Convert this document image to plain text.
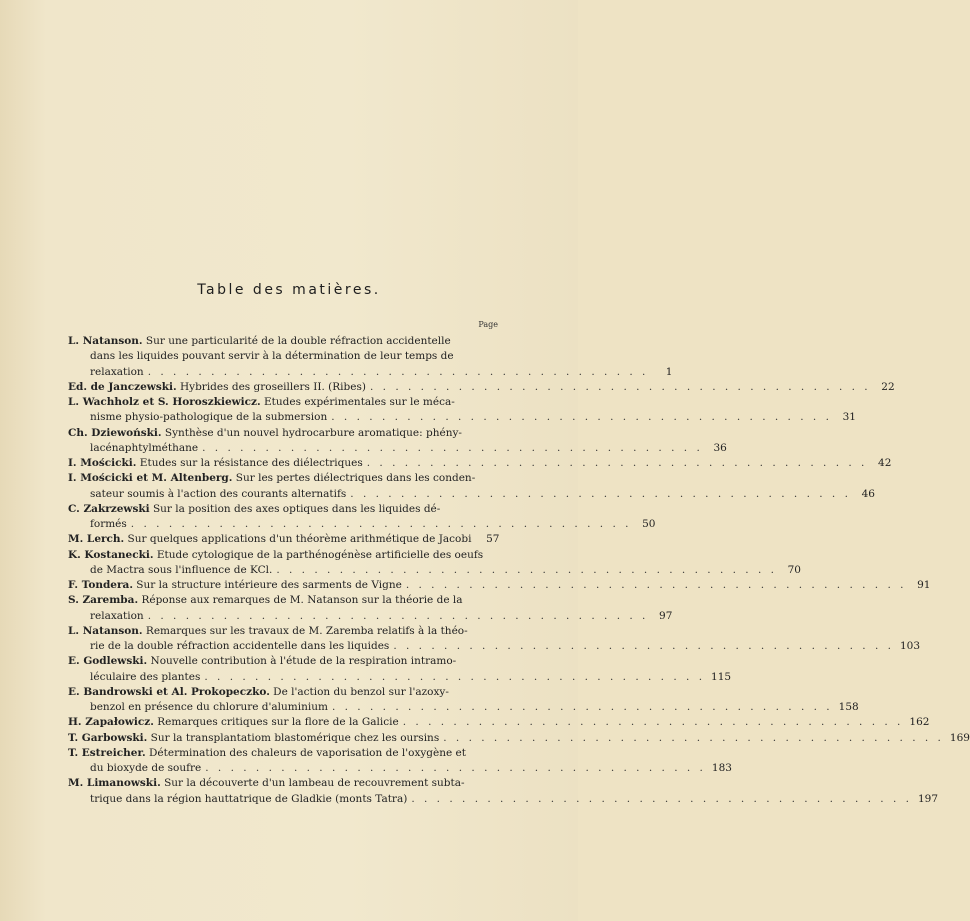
Table des matières.
Page
L. Natanson. Sur une particularité de la double réfraction accidentelle
dans les liquides pouvant servir à la détermination de leur temps de
relaxation . . . . . . . . . . . . . . . . . . . . . . . . . . . . . . . . . . . . . . . .	1
Ed. de Janczewski. Hybrides des groseillers II. (Ribes) . . . . . . . . . . . . . . . . . . . . . . . . . . . . . . . . . . . . . . . .	22
L. Wachholz et S. Horoszkiewicz. Etudes expérimentales sur le méca-
nisme physio-pathologique de la submersion . . . . . . . . . . . . . . . . . . . . . . . . . . . . . . . . . . . . . . . .	31
Ch. Dziewoński. Synthèse d'un nouvel hydrocarbure aromatique: phény-
lacénaphtylméthane . . . . . . . . . . . . . . . . . . . . . . . . . . . . . . . . . . . . . . . .	36
I. Mościcki. Etudes sur la résistance des diélectriques . . . . . . . . . . . . . . . . . . . . . . . . . . . . . . . . . . . . . . . .	42
I. Mościcki et M. Altenberg. Sur les pertes diélectriques dans les conden-
sateur soumis à l'action des courants alternatifs . . . . . . . . . . . . . . . . . . . . . . . . . . . . . . . . . . . . . . . .	46
C. Zakrzewski Sur la position des axes optiques dans les liquides dé-
formés . . . . . . . . . . . . . . . . . . . . . . . . . . . . . . . . . . . . . . . .	50
M. Lerch. Sur quelques applications d'un théorème arithmétique de Jacobi	57
K. Kostanecki. Etude cytologique de la parthénogénèse artificielle des oeufs
de Mactra sous l'influence de KCl. . . . . . . . . . . . . . . . . . . . . . . . . . . . . . . . . . . . . . . . .	70
F. Tondera. Sur la structure intérieure des sarments de Vigne . . . . . . . . . . . . . . . . . . . . . . . . . . . . . . . . . . . . . . . .	91
S. Zaremba. Réponse aux remarques de M. Natanson sur la théorie de la
relaxation . . . . . . . . . . . . . . . . . . . . . . . . . . . . . . . . . . . . . . . .	97
L. Natanson. Remarques sur les travaux de M. Zaremba relatifs à la théo-
rie de la double réfraction accidentelle dans les liquides . . . . . . . . . . . . . . . . . . . . . . . . . . . . . . . . . . . . . . . . 103
E. Godlewski. Nouvelle contribution à l'étude de la respiration intramo-
léculaire des plantes . . . . . . . . . . . . . . . . . . . . . . . . . . . . . . . . . . . . . . . . 115
E. Bandrowski et Al. Prokopeczko. De l'action du benzol sur l'azoxy-
benzol en présence du chlorure d'aluminium . . . . . . . . . . . . . . . . . . . . . . . . . . . . . . . . . . . . . . . . 158
H. Zapałowicz. Remarques critiques sur la flore de la Galicie . . . . . . . . . . . . . . . . . . . . . . . . . . . . . . . . . . . . . . . . 162
T. Garbowski. Sur la transplantatiom blastomérique chez les oursins . . . . . . . . . . . . . . . . . . . . . . . . . . . . . . . . . . . . . . . . 169
T. Estreicher. Détermination des chaleurs de vaporisation de l'oxygène et
du bioxyde de soufre . . . . . . . . . . . . . . . . . . . . . . . . . . . . . . . . . . . . . . . . 183
M. Limanowski. Sur la découverte d'un lambeau de recouvrement subta-
trique dans la région hauttatrique de Gladkie (monts Tatra) . . . . . . . . . . . . . . . . . . . . . . . . . . . . . . . . . . . . . . . . 197
